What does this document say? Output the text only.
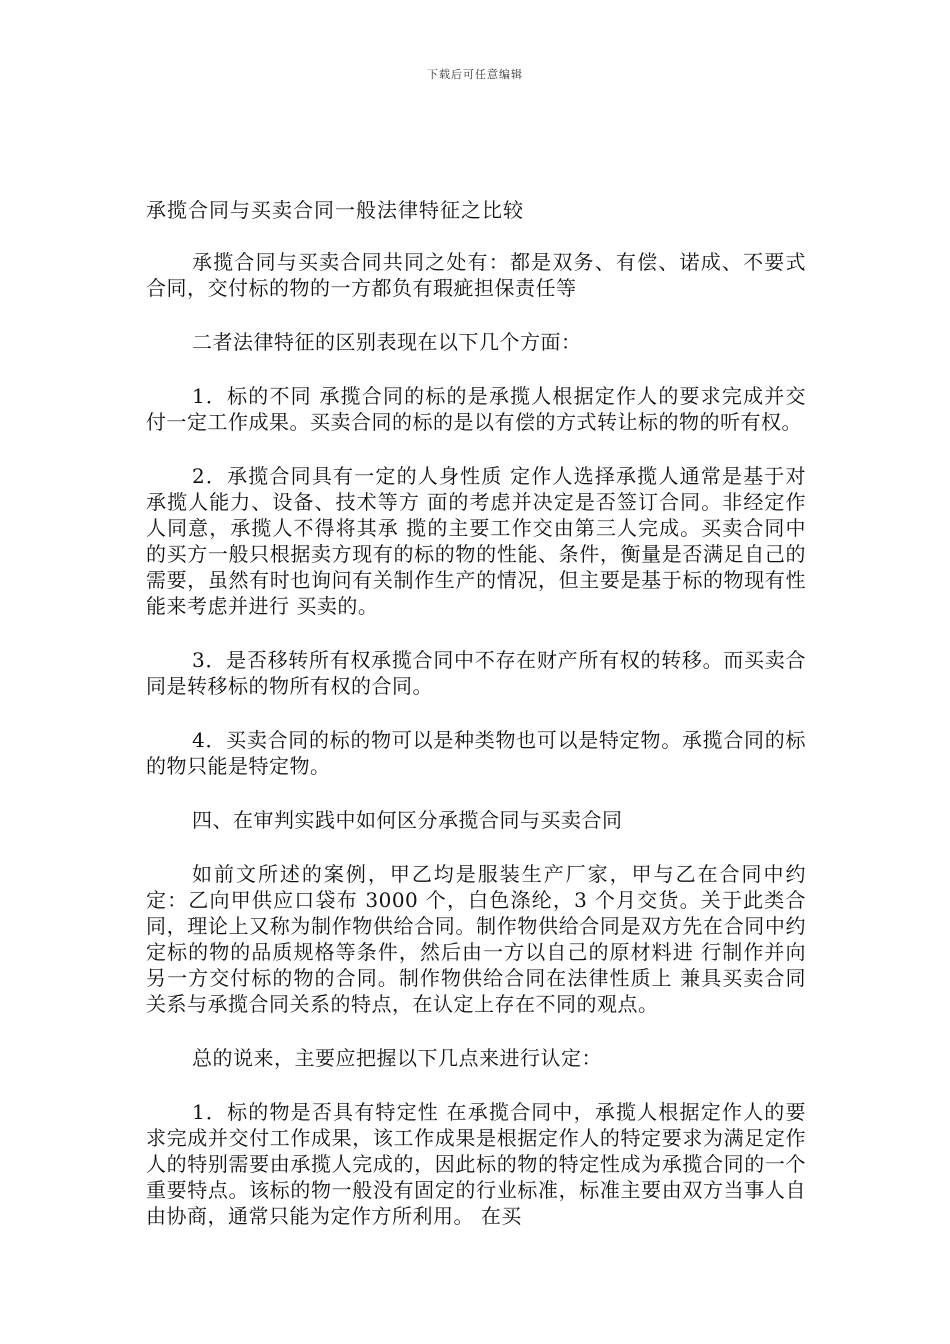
下载后可任意编辑
承揽合同与买卖合同一般法律特征之比较

承揽合同与买卖合同共同之处有：都是双务、有偿、诺成、不要式合同，交付标的物的一方都负有瑕疵担保责任等

二者法律特征的区别表现在以下几个方面：

1．标的不同 承揽合同的标的是承揽人根据定作人的要求完成并交付一定工作成果。买卖合同的标的是以有偿的方式转让标的物的听有权。

2．承揽合同具有一定的人身性质 定作人选择承揽人通常是基于对承揽人能力、设备、技术等方 面的考虑并决定是否签订合同。非经定作人同意，承揽人不得将其承 揽的主要工作交由第三人完成。买卖合同中的买方一般只根据卖方现有的标的物的性能、条件，衡量是否满足自己的需要，虽然有时也询问有关制作生产的情况，但主要是基于标的物现有性能来考虑并进行 买卖的。

3．是否移转所有权承揽合同中不存在财产所有权的转移。而买卖合同是转移标的物所有权的合同。

4．买卖合同的标的物可以是种类物也可以是特定物。承揽合同的标的物只能是特定物。

四、在审判实践中如何区分承揽合同与买卖合同

如前文所述的案例，甲乙均是服装生产厂家，甲与乙在合同中约定：乙向甲供应口袋布 3000 个，白色涤纶，3 个月交货。关于此类合同，理论上又称为制作物供给合同。制作物供给合同是双方先在合同中约定标的物的品质规格等条件，然后由一方以自己的原材料进 行制作并向另一方交付标的物的合同。制作物供给合同在法律性质上 兼具买卖合同关系与承揽合同关系的特点，在认定上存在不同的观点。

总的说来，主要应把握以下几点来进行认定：

1．标的物是否具有特定性 在承揽合同中，承揽人根据定作人的要求完成并交付工作成果，该工作成果是根据定作人的特定要求为满足定作人的特别需要由承揽人完成的，因此标的物的特定性成为承揽合同的一个重要特点。该标的物一般没有固定的行业标准，标准主要由双方当事人自由协商，通常只能为定作方所利用。 在买
